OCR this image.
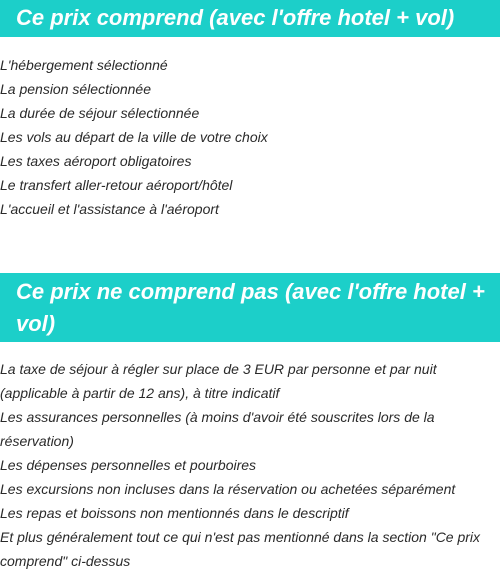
Ce prix comprend (avec l'offre hotel + vol)
L'hébergement sélectionné
La pension sélectionnée
La durée de séjour sélectionnée
Les vols au départ de la ville de votre choix
Les taxes aéroport obligatoires
Le transfert aller-retour aéroport/hôtel
L'accueil et l'assistance à l'aéroport
Ce prix ne comprend pas (avec l'offre hotel + vol)
La taxe de séjour à régler sur place de 3 EUR par personne et par nuit (applicable à partir de 12 ans), à titre indicatif
Les assurances personnelles (à moins d'avoir été souscrites lors de la réservation)
Les dépenses personnelles et pourboires
Les excursions non incluses dans la réservation ou achetées séparément
Les repas et boissons non mentionnés dans le descriptif
Et plus généralement tout ce qui n'est pas mentionné dans la section "Ce prix comprend" ci-dessus
